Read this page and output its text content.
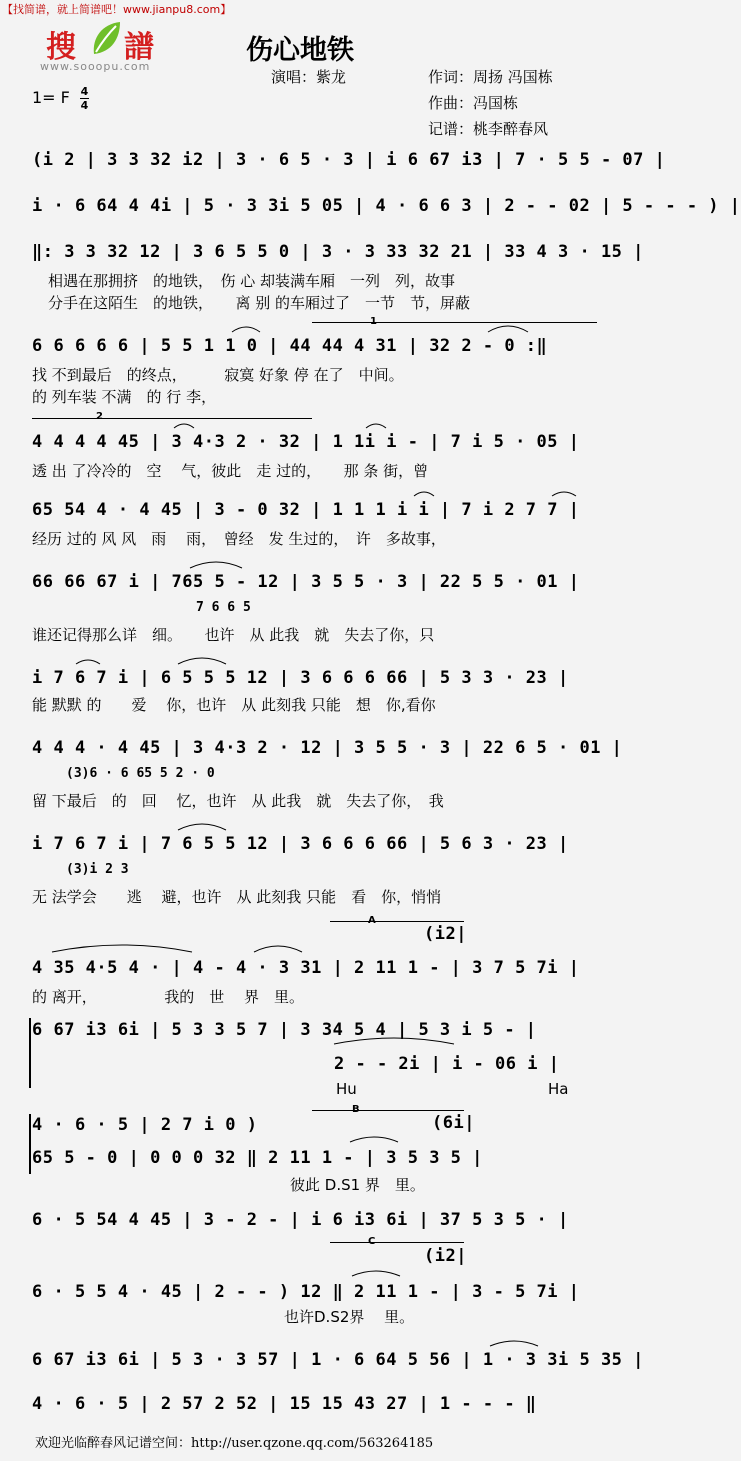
【找简谱，就上简谱吧！www.jianpu8.com】
搜 譜
www.sooopu.com
伤心地铁
演唱：紫龙	作词：周扬 冯国栋
作曲：冯国栋
记谱：桃李醉春风
1= F 4
4
(i 2 | 3 3 32 i2 | 3 · 6 5 · 3 | i 6 67 i3 | 7 · 5 5 - 07 |
i · 6 64 4 4i | 5 · 3 3i 5 05 | 4 · 6 6 3 | 2 - - 02 | 5 - - - ) |
‖: 3 3 32 12 | 3 6 5 5 0 | 3 · 3 33 32 21 | 33 4 3 · 15 |
相遇在那拥挤　的地铁，　伤 心 却装满车厢　一列　列，故事
分手在这陌生　的地铁，　　离 别 的车厢过了　一节　节，屏蔽
1
6 6 6 6 6 | 5 5 1 1 0 | 44 44 4 31 | 32 2 - 0 :‖
找 不到最后　的终点，　　　寂寞 好象 停 在了　中间。
的 列车装 不满　的 行 李，
2
4 4 4 4 45 | 3 4·3 2 · 32 | 1 1i i - | 7 i 5 · 05 |
透 出 了冷冷的　空　 气，彼此　走 过的，　　那 条 街，曾
65 54 4 · 4 45 | 3 - 0 32 | 1 1 1 i i | 7 i 2 7 7 |
经历 过的 风 风　雨　 雨，　曾经　发 生过的，　许　多故事，
66 66 67 i | 765 5 - 12 | 3 5 5 · 3 | 22 5 5 · 01 |
7 6 6 5
谁还记得那么详　细。　　也许　从 此我　就　失去了你，只
i 7 6 7 i | 6 5 5 5 12 | 3 6 6 6 66 | 5 3 3 · 23 |
能 默默 的　　爱　 你，也许　从 此刻我 只能　想　你,看你
4 4 4 · 4 45 | 3 4·3 2 · 12 | 3 5 5 · 3 | 22 6 5 · 01 |
(3)6 · 6 65 5 2 · 0
留 下最后　的　回　 忆，也许　从 此我　就　失去了你，　我
i 7 6 7 i | 7 6 5 5 12 | 3 6 6 6 66 | 5 6 3 · 23 |
(3)i 2 3
无 法学会　　逃　 避，也许　从 此刻我 只能　看　你，悄悄
A
(i2|
4 35 4·5 4 · | 4 - 4 · 3 31 | 2 11 1 - | 3 7 5 7i |
的 离开，　　　　　我的　世　 界　里。
6 67 i3 6i | 5 3 3 5 7 | 3 34 5 4 | 5 3 i 5 - |
2 - - 2i | i - 06 i |
Hu	Ha
B
(6i|
4 · 6 · 5 | 2 7 i 0 )
65 5 - 0 | 0 0 0 32 ‖ 2 11 1 - | 3 5 3 5 |
彼此 D.S1 界　里。
6 · 5 54 4 45 | 3 - 2 - | i 6 i3 6i | 37 5 3 5 · |
C
(i2|
6 · 5 5 4 · 45 | 2 - - ) 12 ‖ 2 11 1 - | 3 - 5 7i |
也许D.S2界　 里。
6 67 i3 6i | 5 3 · 3 57 | 1 · 6 64 5 56 | 1 · 3 3i 5 35 |
4 · 6 · 5 | 2 57 2 52 | 15 15 43 27 | 1 - - - ‖
欢迎光临醉春风记谱空间：http://user.qzone.qq.com/563264185
